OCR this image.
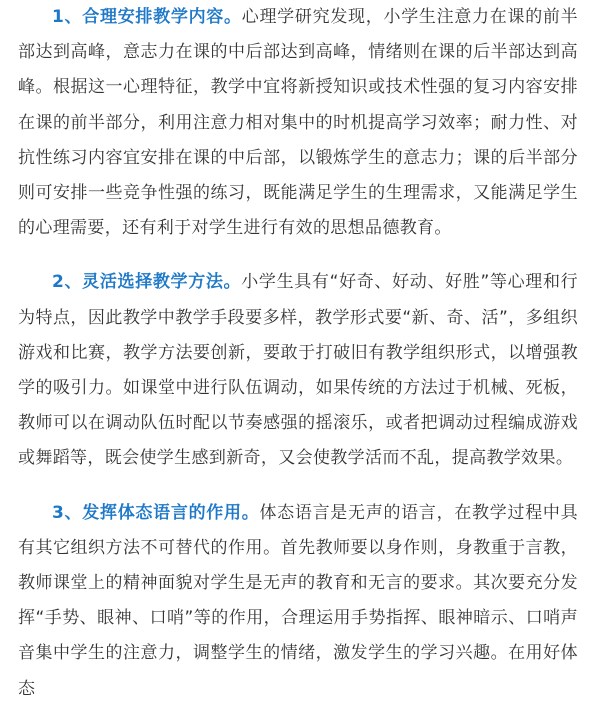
1、合理安排教学内容。心理学研究发现，小学生注意力在课的前半部达到高峰，意志力在课的中后部达到高峰，情绪则在课的后半部达到高峰。根据这一心理特征，教学中宜将新授知识或技术性强的复习内容安排在课的前半部分，利用注意力相对集中的时机提高学习效率；耐力性、对抗性练习内容宜安排在课的中后部，以锻炼学生的意志力；课的后半部分则可安排一些竞争性强的练习，既能满足学生的生理需求，又能满足学生的心理需要，还有利于对学生进行有效的思想品德教育。

2、灵活选择教学方法。小学生具有“好奇、好动、好胜”等心理和行为特点，因此教学中教学手段要多样，教学形式要“新、奇、活”，多组织游戏和比赛，教学方法要创新，要敢于打破旧有教学组织形式，以增强教学的吸引力。如课堂中进行队伍调动，如果传统的方法过于机械、死板，教师可以在调动队伍时配以节奏感强的摇滚乐，或者把调动过程编成游戏或舞蹈等，既会使学生感到新奇，又会使教学活而不乱，提高教学效果。

3、发挥体态语言的作用。体态语言是无声的语言，在教学过程中具有其它组织方法不可替代的作用。首先教师要以身作则，身教重于言教，教师课堂上的精神面貌对学生是无声的教育和无言的要求。其次要充分发挥“手势、眼神、口哨”等的作用，合理运用手势指挥、眼神暗示、口哨声音集中学生的注意力，调整学生的情绪，激发学生的学习兴趣。在用好体态
